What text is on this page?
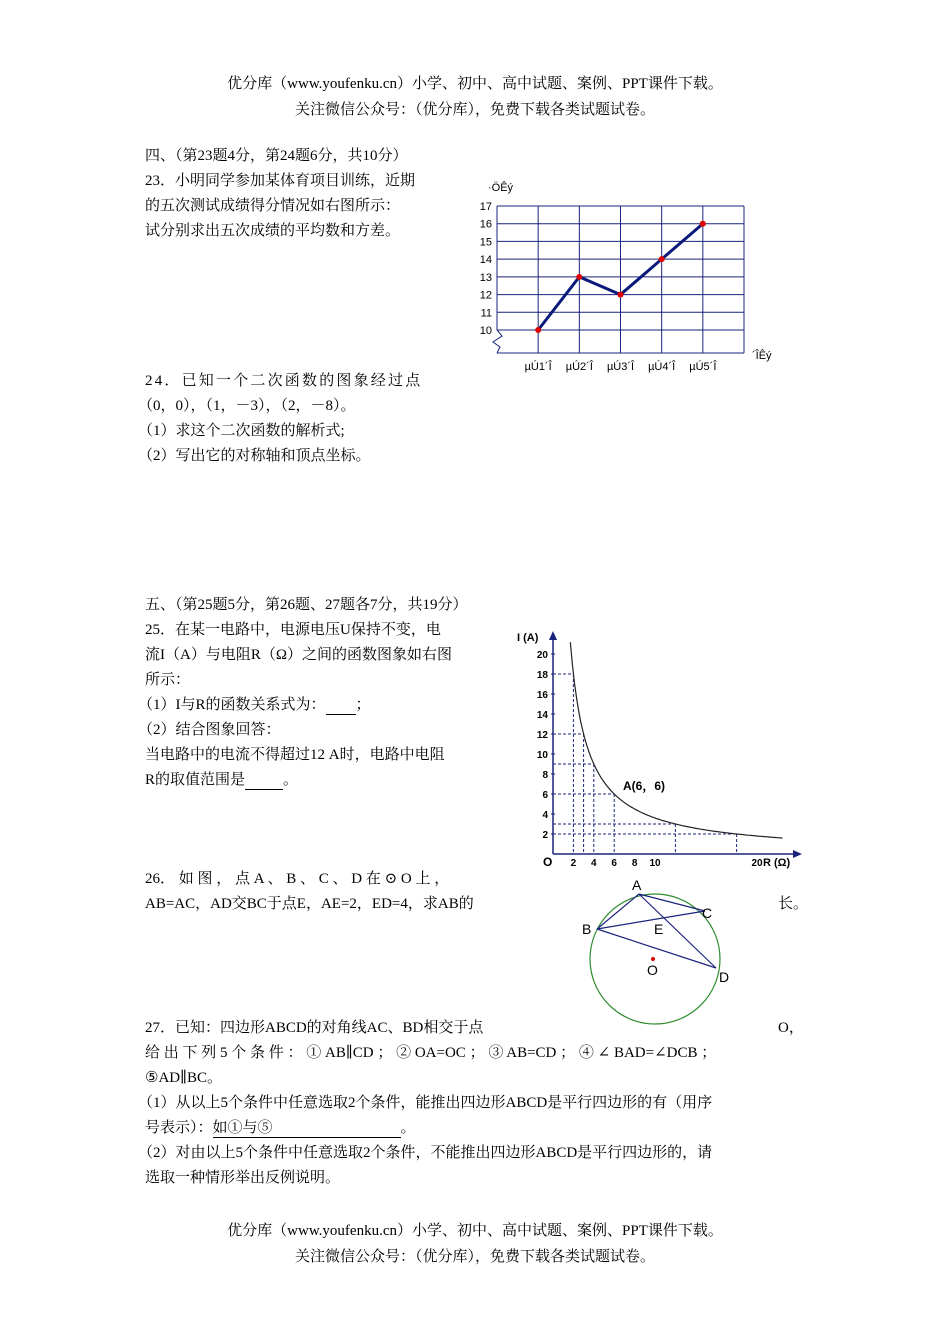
优分库（www.youfenku.cn）小学、初中、高中试题、案例、PPT课件下载。
关注微信公众号：（优分库），免费下载各类试题试卷。
四、（第23题4分，第24题6分，共10分）
23．小明同学参加某体育项目训练，近期
的五次测试成绩得分情况如右图所示：
试分别求出五次成绩的平均数和方差。
·ÖÊý
10
11
12
13
14
15
16
17
µÚ1´Î µÚ2´Î µÚ3´Î µÚ4´Î µÚ5´Î
´ÎÊý
24．已知一个二次函数的图象经过点
（0，0），（1，－3），（2，－8）。
（1）求这个二次函数的解析式;
（2）写出它的对称轴和顶点坐标。
五、（第25题5分，第26题、27题各7分，共19分）
25．在某一电路中，电源电压U保持不变，电
流I（A）与电阻R（Ω）之间的函数图象如右图
所示：
（1）I与R的函数关系式为： ；
（2）结合图象回答：
当电路中的电流不得超过12 A时，电路中电阻
R的取值范围是	。
I (A)
2
4
6
8
10
12
14
16
18
20
2 4 6 8 10	20
O
A(6，6)
R (Ω)
26． 如 图 ， 点 A 、 B 、 C 、 D 在 ⊙ O 上 ，
AB=AC，AD交BC于点E，AE=2，ED=4，求AB的	长。
A
B
C
D
E
O
27．已知：四边形ABCD的对角线AC、BD相交于点	O，
给 出 下 列 5 个 条 件 ： ① AB∥CD ； ② OA=OC ； ③ AB=CD ； ④ ∠ BAD=∠DCB ；
⑤AD∥BC。
（1）从以上5个条件中任意选取2个条件，能推出四边形ABCD是平行四边形的有（用序
号表示）：如①与⑤	。
（2）对由以上5个条件中任意选取2个条件，不能推出四边形ABCD是平行四边形的，请
选取一种情形举出反例说明。
优分库（www.youfenku.cn）小学、初中、高中试题、案例、PPT课件下载。
关注微信公众号：（优分库），免费下载各类试题试卷。
